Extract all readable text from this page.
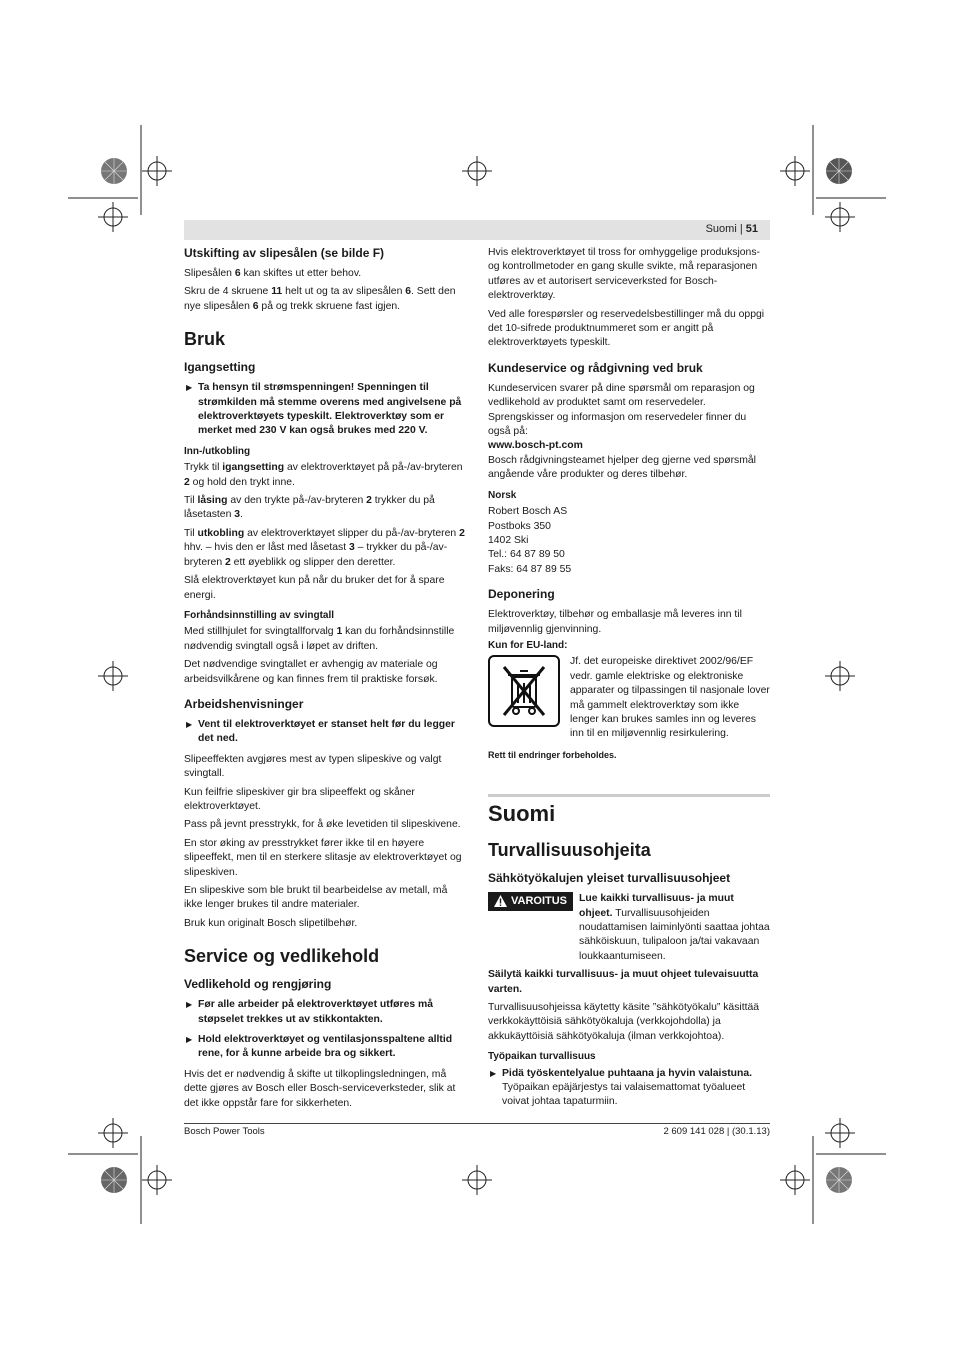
Suomi | 51
Utskifting av slipesålen (se bilde F)

Slipesålen 6 kan skiftes ut etter behov.

Skru de 4 skruene 11 helt ut og ta av slipesålen 6. Sett den nye slipesålen 6 på og trekk skruene fast igjen.

Bruk
Igangsetting
▶ Ta hensyn til strømspenningen! Spenningen til strømkilden må stemme overens med angivelsene på elektroverktøyets typeskilt. Elektroverktøy som er merket med 230 V kan også brukes med 220 V.
Inn-/utkobling

Trykk til igangsetting av elektroverktøyet på på-/av-bryteren 2 og hold den trykt inne.

Til låsing av den trykte på-/av-bryteren 2 trykker du på låsetasten 3.

Til utkobling av elektroverktøyet slipper du på-/av-bryteren 2 hhv. – hvis den er låst med låsetast 3 – trykker du på-/av-bryteren 2 ett øyeblikk og slipper den deretter.

Slå elektroverktøyet kun på når du bruker det for å spare energi.

Forhåndsinnstilling av svingtall

Med stillhjulet for svingtallforvalg 1 kan du forhåndsinnstille nødvendig svingtall også i løpet av driften.

Det nødvendige svingtallet er avhengig av materiale og arbeidsvilkårene og kan finnes frem til praktiske forsøk.

Arbeidshenvisninger
▶ Vent til elektroverktøyet er stanset helt før du legger det ned.

Slipeeffekten avgjøres mest av typen slipeskive og valgt svingtall.

Kun feilfrie slipeskiver gir bra slipeeffekt og skåner elektroverktøyet.

Pass på jevnt presstrykk, for å øke levetiden til slipeskivene.

En stor øking av presstrykket fører ikke til en høyere slipeeffekt, men til en sterkere slitasje av elektroverktøyet og slipeskiven.

En slipeskive som ble brukt til bearbeidelse av metall, må ikke lenger brukes til andre materialer.

Bruk kun originalt Bosch slipetilbehør.

Service og vedlikehold
Vedlikehold og rengjøring
▶ Før alle arbeider på elektroverktøyet utføres må støpselet trekkes ut av stikkontakten.
▶ Hold elektroverktøyet og ventilasjonsspaltene alltid rene, for å kunne arbeide bra og sikkert.

Hvis det er nødvendig å skifte ut tilkoplingsledningen, må dette gjøres av Bosch eller Bosch-serviceverksteder, slik at det ikke oppstår fare for sikkerheten.

Hvis elektroverktøyet til tross for omhyggelige produksjons- og kontrollmetoder en gang skulle svikte, må reparasjonen utføres av et autorisert serviceverksted for Bosch-elektroverktøy.

Ved alle forespørsler og reservedelsbestillinger må du oppgi det 10-sifrede produktnummeret som er angitt på elektroverktøyets typeskilt.

Kundeservice og rådgivning ved bruk

Kundeservicen svarer på dine spørsmål om reparasjon og vedlikehold av produktet samt om reservedeler. Sprengskisser og informasjon om reservedeler finner du også på:

www.bosch-pt.com

Bosch rådgivningsteamet hjelper deg gjerne ved spørsmål angående våre produkter og deres tilbehør.

Norsk

Robert Bosch AS

Postboks 350

1402 Ski

Tel.: 64 87 89 50

Faks: 64 87 89 55

Deponering

Elektroverktøy, tilbehør og emballasje må leveres inn til miljøvennlig gjenvinning.

Kun for EU-land:

Jf. det europeiske direktivet 2002/96/EF vedr. gamle elektriske og elektroniske apparater og tilpassingen til nasjonale lover må gammelt elektroverktøy som ikke lenger kan brukes samles inn og leveres inn til en miljøvennlig resirkulering.

Rett til endringer forbeholdes.

Suomi
Turvallisuusohjeita
Sähkötyökalujen yleiset turvallisuusohjeet
VAROITUS Lue kaikki turvallisuus- ja muut ohjeet. Turvallisuusohjeiden noudattamisen laiminlyönti saattaa johtaa sähköiskuun, tulipaloon ja/tai vakavaan loukkaantumiseen.

Säilytä kaikki turvallisuus- ja muut ohjeet tulevaisuutta varten.

Turvallisuusohjeissa käytetty käsite ”sähkötyökalu” käsittää verkkokäyttöisiä sähkötyökaluja (verkkojohdolla) ja akkukäyttöisiä sähkötyökaluja (ilman verkkojohtoa).

Työpaikan turvallisuus
▶ Pidä työskentelyalue puhtaana ja hyvin valaistuna. Työpaikan epäjärjestys tai valaisemattomat työalueet voivat johtaa tapaturmiin.
Bosch Power Tools	2 609 141 028 | (30.1.13)
